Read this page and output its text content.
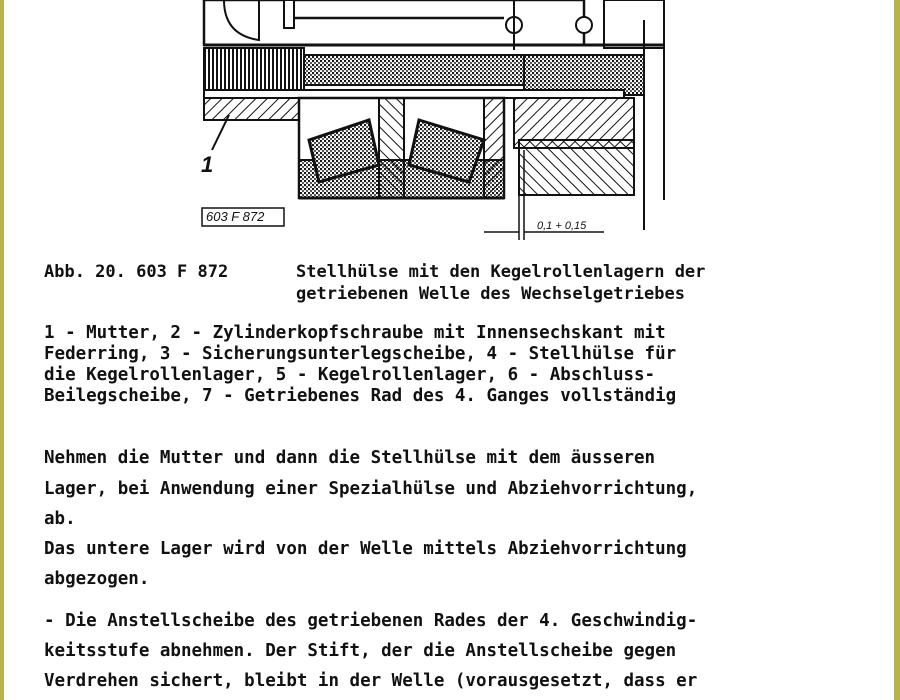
1
603 F 872
0,1 + 0,15
Abb. 20. 603 F 872	Stellhülse mit den Kegelrollenlagern der
getriebenen Welle des Wechselgetriebes
1 - Mutter, 2 - Zylinderkopfschraube mit Innensechskant mit
Federring, 3 - Sicherungsunterlegscheibe, 4 - Stellhülse für
die Kegelrollenlager, 5 - Kegelrollenlager, 6 - Abschluss-
Beilegscheibe, 7 - Getriebenes Rad des 4. Ganges vollständig
Nehmen die Mutter und dann die Stellhülse mit dem äusseren
Lager, bei Anwendung einer Spezialhülse und Abziehvorrichtung,
ab.
Das untere Lager wird von der Welle mittels Abziehvorrichtung
abgezogen.
- Die Anstellscheibe des getriebenen Rades der 4. Geschwindig-
keitsstufe abnehmen. Der Stift, der die Anstellscheibe gegen
Verdrehen sichert, bleibt in der Welle (vorausgesetzt, dass er
